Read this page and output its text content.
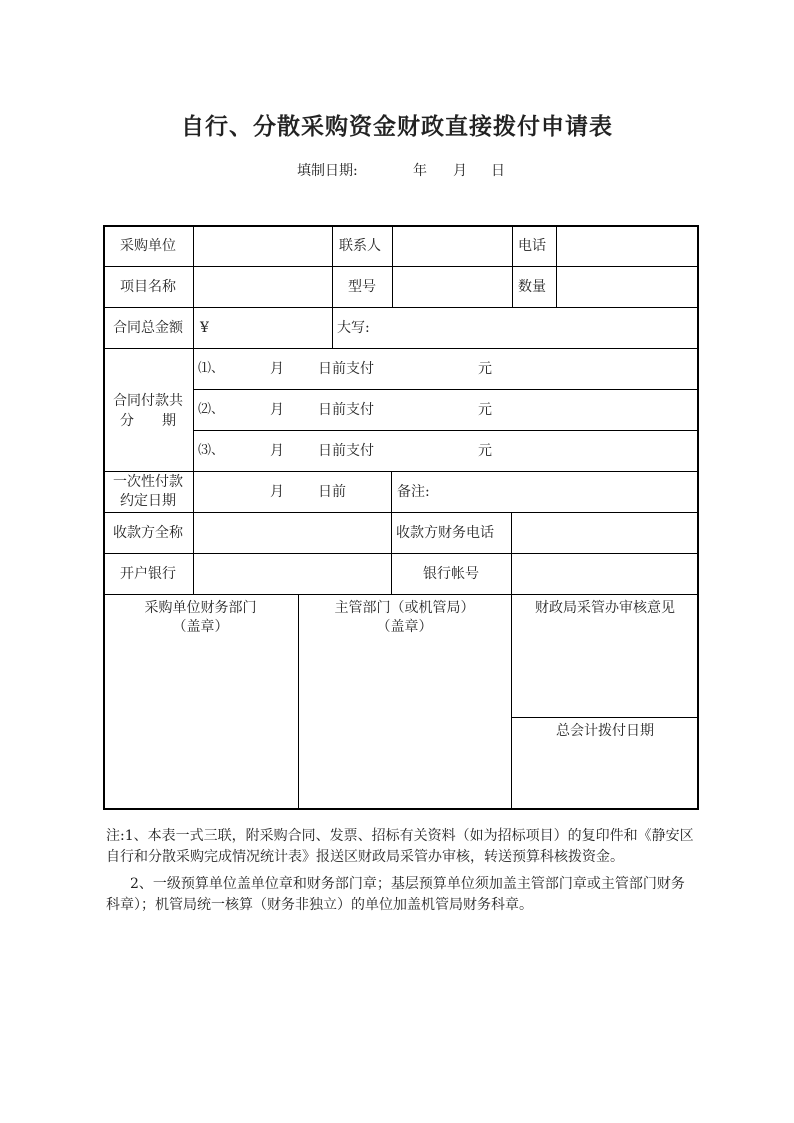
自行、分散采购资金财政直接拨付申请表
填制日期:	年 月 日
采购单位	联系人	电话
项目名称	型号	数量
合同总金额	¥	大写:
合同付款共
分　　期
⑴、	月 日前支付	元
⑵、	月 日前支付	元
⑶、	月 日前支付	元
一次性付款
约定日期
月 日前	备注:
收款方全称	收款方财务电话
开户银行	银行帐号
采购单位财务部门
（盖章）
主管部门（或机管局）
（盖章）
财政局采管办审核意见
总会计拨付日期

注:1、本表一式三联，附采购合同、发票、招标有关资料（如为招标项目）的复印件和《静安区自行和分散采购完成情况统计表》报送区财政局采管办审核，转送预算科核拨资金。

2、一级预算单位盖单位章和财务部门章；基层预算单位须加盖主管部门章或主管部门财务科章）；机管局统一核算（财务非独立）的单位加盖机管局财务科章。
